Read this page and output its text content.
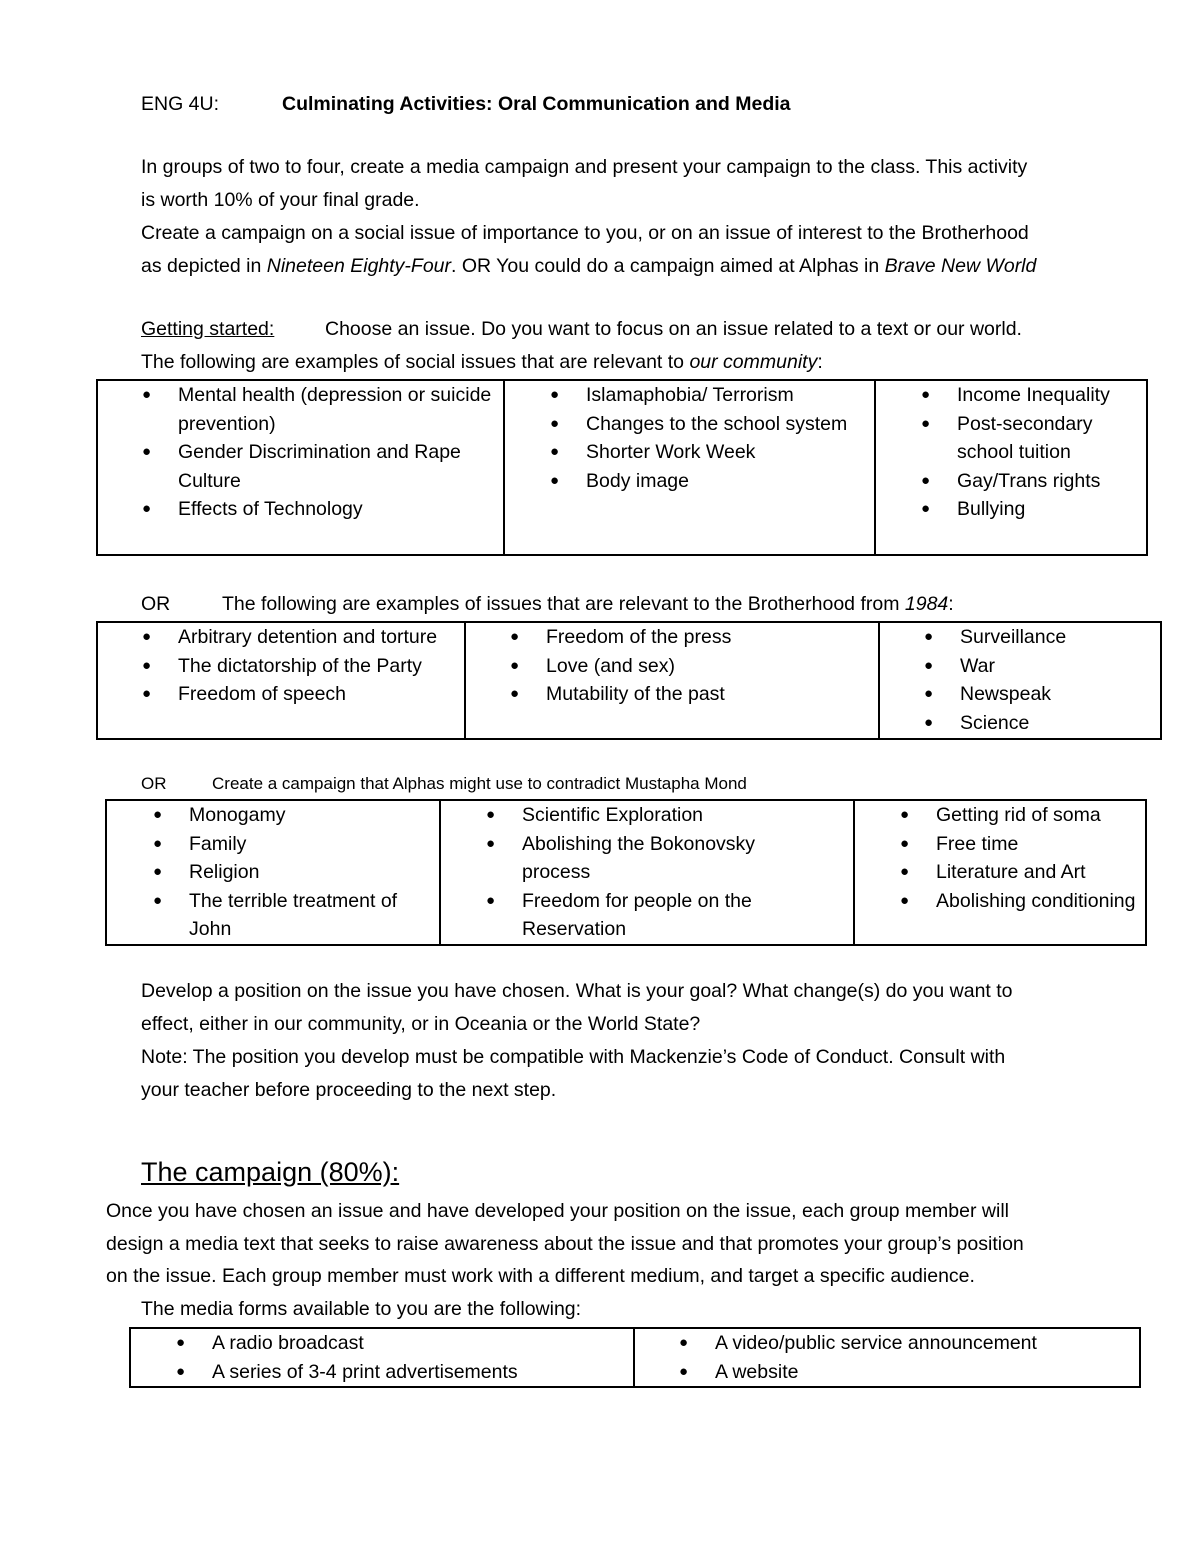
ENG 4U:	Culminating Activities: Oral Communication and Media
In groups of two to four, create a media campaign and present your campaign to the class. This activity
is worth 10% of your final grade.
Create a campaign on a social issue of importance to you, or on an issue of interest to the Brotherhood
as depicted in Nineteen Eighty-Four. OR You could do a campaign aimed at Alphas in Brave New World
Getting started:	Choose an issue. Do you want to focus on an issue related to a text or our world.
The following are examples of social issues that are relevant to our community:
● Mental health (depression or suicide prevention)
● Gender Discrimination and Rape Culture
● Effects of Technology

● Islamaphobia/ Terrorism
● Changes to the school system
● Shorter Work Week
● Body image

● Income Inequality
● Post-secondary school tuition
● Gay/Trans rights
● Bullying
OR	The following are examples of issues that are relevant to the Brotherhood from 1984:
● Arbitrary detention and torture
● The dictatorship of the Party
● Freedom of speech

● Freedom of the press
● Love (and sex)
● Mutability of the past

● Surveillance
● War
● Newspeak
● Science
OR	Create a campaign that Alphas might use to contradict Mustapha Mond
● Monogamy
● Family
● Religion
● The terrible treatment of John

● Scientific Exploration
● Abolishing the Bokonovsky process
● Freedom for people on the Reservation

● Getting rid of soma
● Free time
● Literature and Art
● Abolishing conditioning
Develop a position on the issue you have chosen. What is your goal? What change(s) do you want to
effect, either in our community, or in Oceania or the World State?
Note: The position you develop must be compatible with Mackenzie’s Code of Conduct. Consult with
your teacher before proceeding to the next step.
The campaign (80%):
Once you have chosen an issue and have developed your position on the issue, each group member will
design a media text that seeks to raise awareness about the issue and that promotes your group’s position
on the issue. Each group member must work with a different medium, and target a specific audience.
The media forms available to you are the following:
● A radio broadcast
● A series of 3-4 print advertisements

● A video/public service announcement
● A website
